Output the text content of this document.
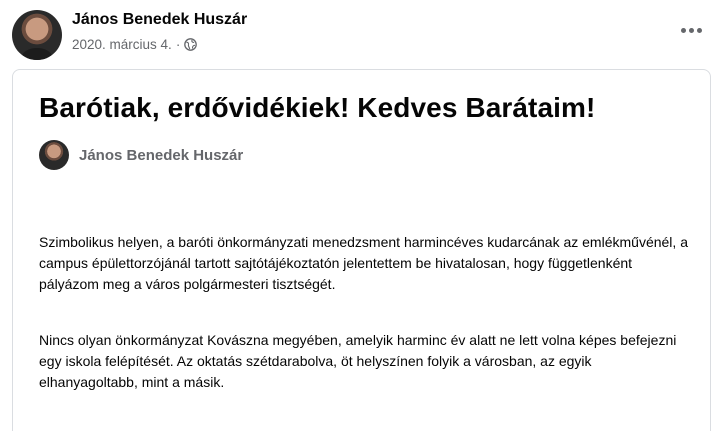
János Benedek Huszár
2020. március 4. ·
Barótiak, erdővidékiek! Kedves Barátaim!
János Benedek Huszár

Szimbolikus helyen, a baróti önkormányzati menedzsment harmincéves kudarcának az emlékművénél, a campus épülettorzójánál tartott sajtótájékoztatón jelentettem be hivatalosan, hogy függetlenként pályázom meg a város polgármesteri tisztségét.

Nincs olyan önkormányzat Kovászna megyében, amelyik harminc év alatt ne lett volna képes befejezni egy iskola felépítését. Az oktatás szétdarabolva, öt helyszínen folyik a városban, az egyik elhanyagoltabb, mint a másik.
